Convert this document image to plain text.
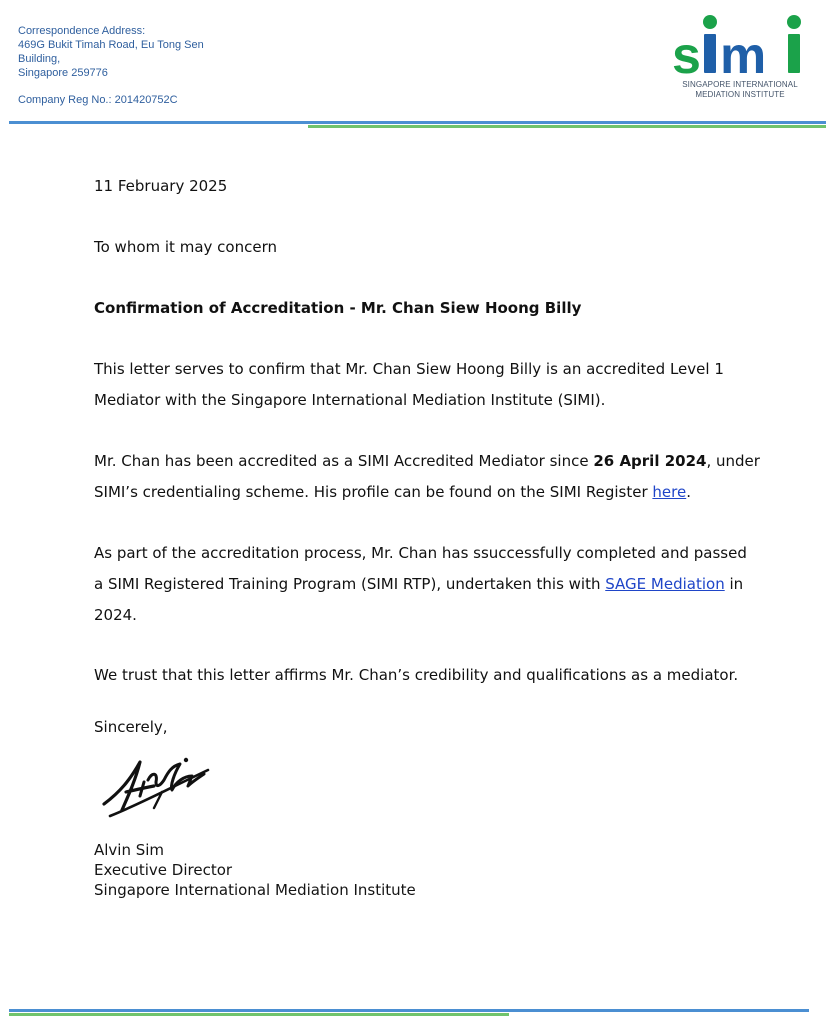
Correspondence Address:
469G Bukit Timah Road, Eu Tong Sen
Building,
Singapore 259776
Company Reg No.: 201420752C
s m
SINGAPORE INTERNATIONAL
MEDIATION INSTITUTE

11 February 2025

To whom it may concern

Confirmation of Accreditation - Mr. Chan Siew Hoong Billy

This letter serves to confirm that Mr. Chan Siew Hoong Billy is an accredited Level 1 Mediator with the Singapore International Mediation Institute (SIMI).

Mr. Chan has been accredited as a SIMI Accredited Mediator since 26 April 2024, under SIMI’s credentialing scheme. His profile can be found on the SIMI Register here.

As part of the accreditation process, Mr. Chan has ssuccessfully completed and passed a SIMI Registered Training Program (SIMI RTP), undertaken this with SAGE Mediation in 2024.

We trust that this letter affirms Mr. Chan’s credibility and qualifications as a mediator.

Sincerely,

Alvin Sim
Executive Director
Singapore International Mediation Institute
